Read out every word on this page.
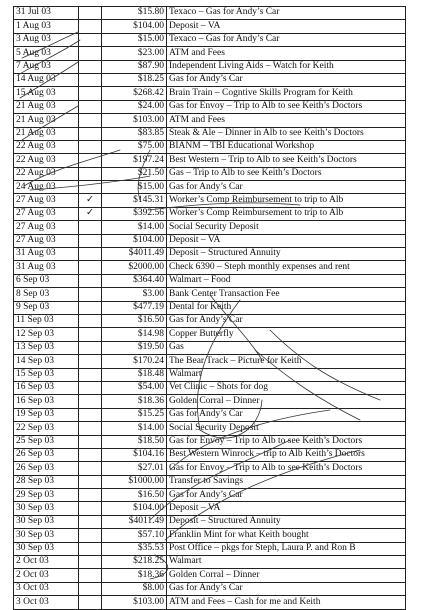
31 Jul 03		$15.80	Texaco – Gas for Andy’s Car
1 Aug 03		$104.00	Deposit – VA
3 Aug 03		$15.00	Texaco – Gas for Andy’s Car
5 Aug 03		$23.00	ATM and Fees
7 Aug 03		$87.90	Independent Living Aids – Watch for Keith
14 Aug 03		$18.25	Gas for Andy’s Car
15 Aug 03		$268.42	Brain Train – Cogntive Skills Program for Keith
21 Aug 03		$24.00	Gas for Envoy – Trip to Alb to see Keith’s Doctors
21 Aug 03		$103.00	ATM and Fees
21 Aug 03		$83.85	Steak & Ale – Dinner in Alb to see Keith’s Doctors
22 Aug 03		$75.00	BIANM – TBI Educational Workshop
22 Aug 03		$197.24	Best Western – Trip to Alb to see Keith’s Doctors
22 Aug 03		$21.50	Gas – Trip to Alb to see Keith’s Doctors
24 Aug 03		$15.00	Gas for Andy’s Car
27 Aug 03	✓	$145.31	Worker’s Comp Reimbursement to trip to Alb
27 Aug 03	✓	$392.56	Worker’s Comp Reimbursement to trip to Alb
27 Aug 03		$14.00	Social Security Deposit
27 Aug 03		$104.00	Deposit – VA
31 Aug 03		$4011.49	Deposit – Structured Annuity
31 Aug 03		$2000.00	Check 6390 – Steph monthly expenses and rent
6 Sep 03		$364.40	Walmart – Food
8 Sep 03		$3.00	Bank Center Transaction Fee
9 Sep 03		$477.19	Dental for Keith
11 Sep 03		$16.50	Gas for Andy’s Car
12 Sep 03		$14.98	Copper Butterfly
13 Sep 03		$19.50	Gas
14 Sep 03		$170.24	The Bear Track – Picture for Keith
15 Sep 03		$18.48	Walmart
16 Sep 03		$54.00	Vet Clinic – Shots for dog
16 Sep 03		$18.36	Golden Corral – Dinner
19 Sep 03		$15.25	Gas for Andy’s Car
22 Sep 03		$14.00	Social Security Deposit
25 Sep 03		$18.50	Gas for Envoy – Trip to Alb to see Keith’s Doctors
26 Sep 03		$104.16	Best Western Winrock – trip to Alb Keith’s Doctors
26 Sep 03		$27.01	Gas for Envoy – Trip to Alb to see Keith’s Doctors
28 Sep 03		$1000.00	Transfer to Savings
29 Sep 03		$16.50	Gas for Andy’s Car
30 Sep 03		$104.00	Deposit – VA
30 Sep 03		$4011.49	Deposit – Structured Annuity
30 Sep 03		$57.10	Franklin Mint for what Keith bought
30 Sep 03		$35.53	Post Office – pkgs for Steph, Laura P. and Ron B
2 Oct 03		$218.25	Walmart
2 Oct 03		$18.36	Golden Corral – Dinner
3 Oct 03		$8.00	Gas for Andy’s Car
3 Oct 03		$103.00	ATM and Fees – Cash for me and Keith
